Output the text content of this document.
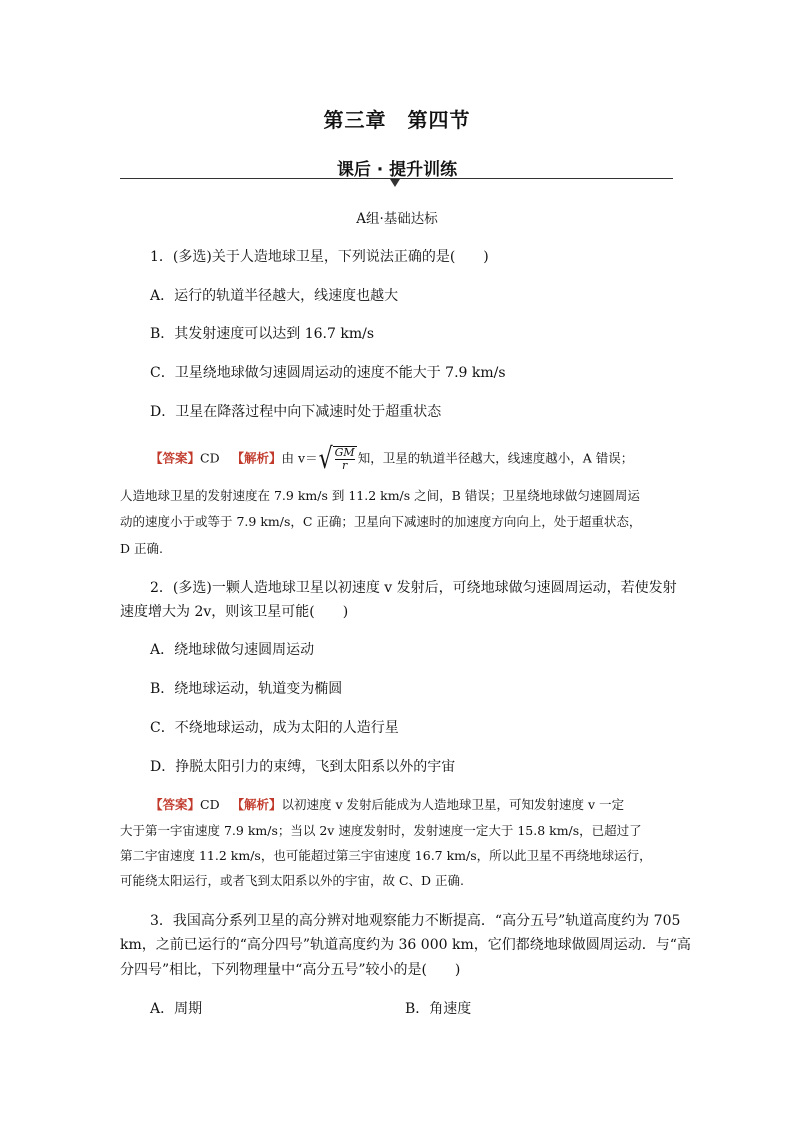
第三章　第四节
课后 · 提升训练
A组·基础达标
1．(多选)关于人造地球卫星，下列说法正确的是(　　)
A．运行的轨道半径越大，线速度也越大
B．其发射速度可以达到 16.7 km/s
C．卫星绕地球做匀速圆周运动的速度不能大于 7.9 km/s
D．卫星在降落过程中向下减速时处于超重状态
【答案】CD 【解析】由 $v=√ \frac{GM}{r}$ 知，卫星的轨道半径越大，线速度越小，A 错误；
人造地球卫星的发射速度在 7.9 km/s 到 11.2 km/s 之间，B 错误；卫星绕地球做匀速圆周运
动的速度小于或等于 7.9 km/s，C 正确；卫星向下减速时的加速度方向向上，处于超重状态，
D 正确.
2．(多选)一颗人造地球卫星以初速度 v 发射后，可绕地球做匀速圆周运动，若使发射
速度增大为 2v，则该卫星可能(　　)
A．绕地球做匀速圆周运动
B．绕地球运动，轨道变为椭圆
C．不绕地球运动，成为太阳的人造行星
D．挣脱太阳引力的束缚，飞到太阳系以外的宇宙
【答案】CD 【解析】以初速度 v 发射后能成为人造地球卫星，可知发射速度 v 一定
大于第一宇宙速度 7.9 km/s；当以 2v 速度发射时，发射速度一定大于 15.8 km/s，已超过了
第二宇宙速度 11.2 km/s，也可能超过第三宇宙速度 16.7 km/s，所以此卫星不再绕地球运行，
可能绕太阳运行，或者飞到太阳系以外的宇宙，故 C、D 正确.
3．我国高分系列卫星的高分辨对地观察能力不断提高．“高分五号”轨道高度约为 705
km，之前已运行的“高分四号”轨道高度约为 36 000 km，它们都绕地球做圆周运动．与“高
分四号”相比，下列物理量中“高分五号”较小的是(　　)
A．周期	B．角速度
